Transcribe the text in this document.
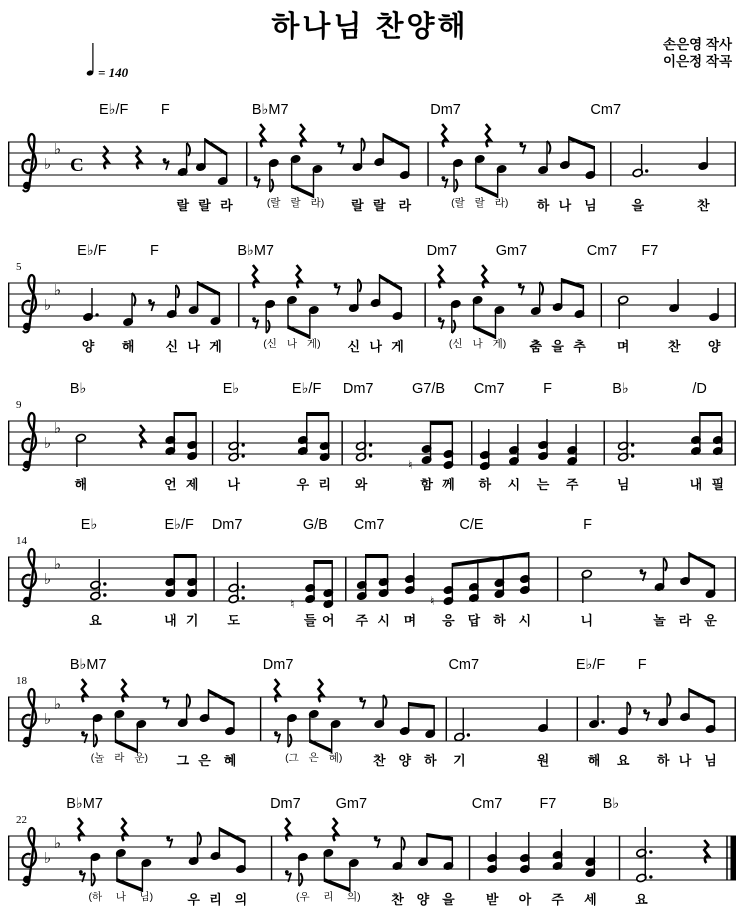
하나님 찬양해
손은영 작사
이은정 작곡
= 140
E♭/F F	B♭M7	Dm7	Cm7
랄 랄 라	(랄 랄 라) 랄 랄 라	(랄 랄 라) 하 나 님	을	찬
♭
♭
C
E♭/F	F	B♭M7	Dm7	Gm7	Cm7 F7
5
양 해 신 나 게	(신 나 게) 신 나 게	(신 나 게) 춤 을 추 며	찬 양
♭
♭
B♭	E♭	E♭/F Dm7	G7/B Cm7	F	B♭	/D
9
해	언 제 나	우 리 와	함 께 하 시 는 주	님	내 필
♭
♭
♮
E♭	E♭/F Dm7	G/B Cm7	C/E	F
14
요	내 기 도	들 어 주 시 며 응 답 하 시	니	놀 라 운
♭
♭
♮	♮
B♭M7	Dm7	Cm7	E♭/F F
18
(놀 라 운) 그 은 혜	(그 은 혜) 찬 양 하 기	원	해 요 하 나 님
♭
♭
B♭M7	Dm7 Gm7	Cm7	F7	B♭
22
(하 나 님)	우 리 의	(우 리 의) 찬 양 을 받 아 주 세	요
♭
♭
